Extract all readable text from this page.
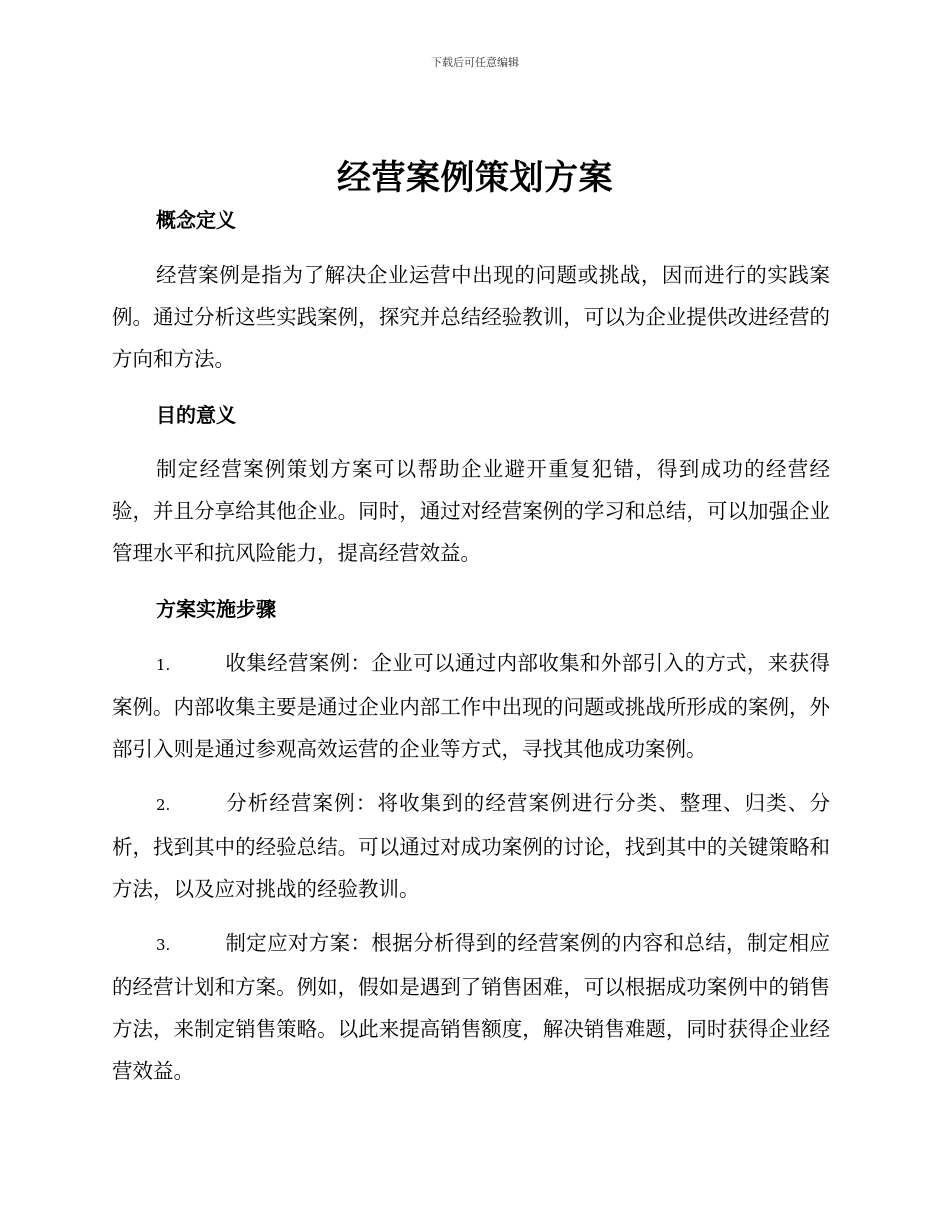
下载后可任意编辑
经营案例策划方案
概念定义

经营案例是指为了解决企业运营中出现的问题或挑战，因而进行的实践案例。通过分析这些实践案例，探究并总结经验教训，可以为企业提供改进经营的方向和方法。

目的意义

制定经营案例策划方案可以帮助企业避开重复犯错，得到成功的经营经验，并且分享给其他企业。同时，通过对经营案例的学习和总结，可以加强企业管理水平和抗风险能力，提高经营效益。

方案实施步骤

1.	收集经营案例：企业可以通过内部收集和外部引入的方式，来获得案例。内部收集主要是通过企业内部工作中出现的问题或挑战所形成的案例，外部引入则是通过参观高效运营的企业等方式，寻找其他成功案例。

2.	分析经营案例：将收集到的经营案例进行分类、整理、归类、分析，找到其中的经验总结。可以通过对成功案例的讨论，找到其中的关键策略和方法，以及应对挑战的经验教训。

3.	制定应对方案：根据分析得到的经营案例的内容和总结，制定相应的经营计划和方案。例如，假如是遇到了销售困难，可以根据成功案例中的销售方法，来制定销售策略。以此来提高销售额度，解决销售难题，同时获得企业经营效益。
